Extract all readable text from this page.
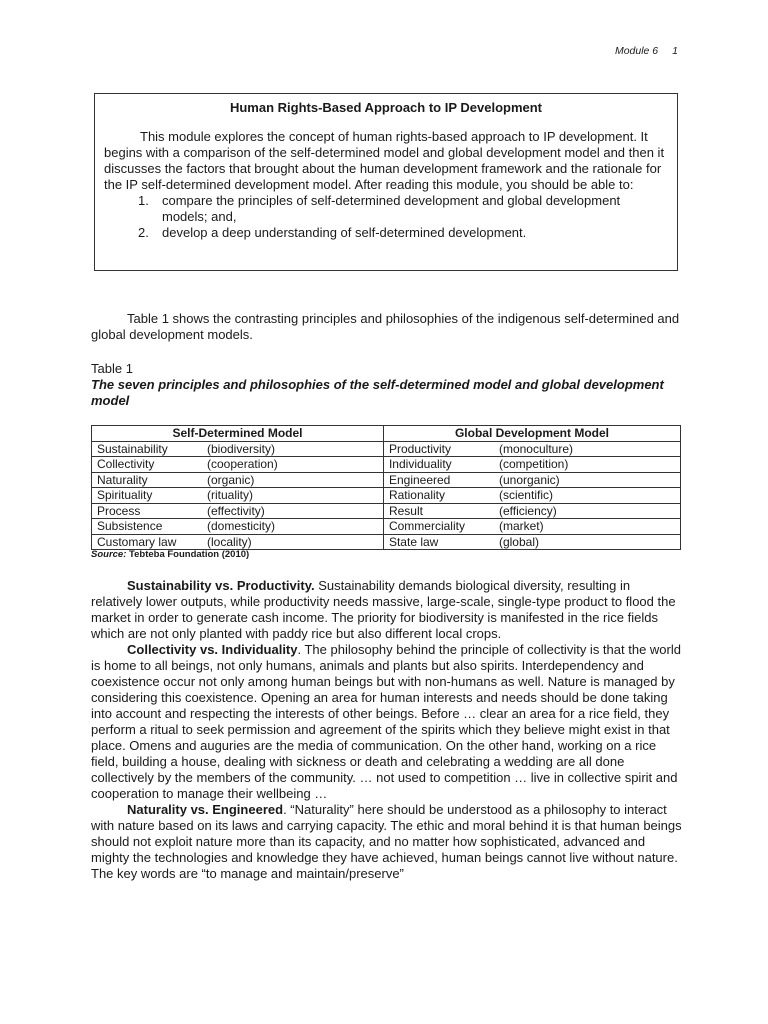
Module 6 1
Human Rights-Based Approach to IP Development

This module explores the concept of human rights-based approach to IP development. It begins with a comparison of the self-determined model and global development model and then it discusses the factors that brought about the human development framework and the rationale for the IP self-determined development model. After reading this module, you should be able to:

1. compare the principles of self-determined development and global development models; and,
2. develop a deep understanding of self-determined development.

Table 1 shows the contrasting principles and philosophies of the indigenous self-determined and global development models.

Table 1

The seven principles and philosophies of the self-determined model and global development model

Self-Determined Model	Global Development Model
Sustainability (biodiversity)	Productivity (monoculture)
Collectivity (cooperation)	Individuality (competition)
Naturality (organic)	Engineered (unorganic)
Spirituality (rituality)	Rationality (scientific)
Process (effectivity)	Result (efficiency)
Subsistence (domesticity)	Commerciality (market)
Customary law (locality)	State law (global)
Source: Tebteba Foundation (2010)

Sustainability vs. Productivity. Sustainability demands biological diversity, resulting in relatively lower outputs, while productivity needs massive, large-scale, single-type product to flood the market in order to generate cash income. The priority for biodiversity is manifested in the rice fields which are not only planted with paddy rice but also different local crops.

Collectivity vs. Individuality. The philosophy behind the principle of collectivity is that the world is home to all beings, not only humans, animals and plants but also spirits. Interdependency and coexistence occur not only among human beings but with non-humans as well. Nature is managed by considering this coexistence. Opening an area for human interests and needs should be done taking into account and respecting the interests of other beings. Before … clear an area for a rice field, they perform a ritual to seek permission and agreement of the spirits which they believe might exist in that place. Omens and auguries are the media of communication. On the other hand, working on a rice field, building a house, dealing with sickness or death and celebrating a wedding are all done collectively by the members of the community. … not used to competition … live in collective spirit and cooperation to manage their wellbeing …

Naturality vs. Engineered. “Naturality” here should be understood as a philosophy to interact with nature based on its laws and carrying capacity. The ethic and moral behind it is that human beings should not exploit nature more than its capacity, and no matter how sophisticated, advanced and mighty the technologies and knowledge they have achieved, human beings cannot live without nature. The key words are “to manage and maintain/preserve”
